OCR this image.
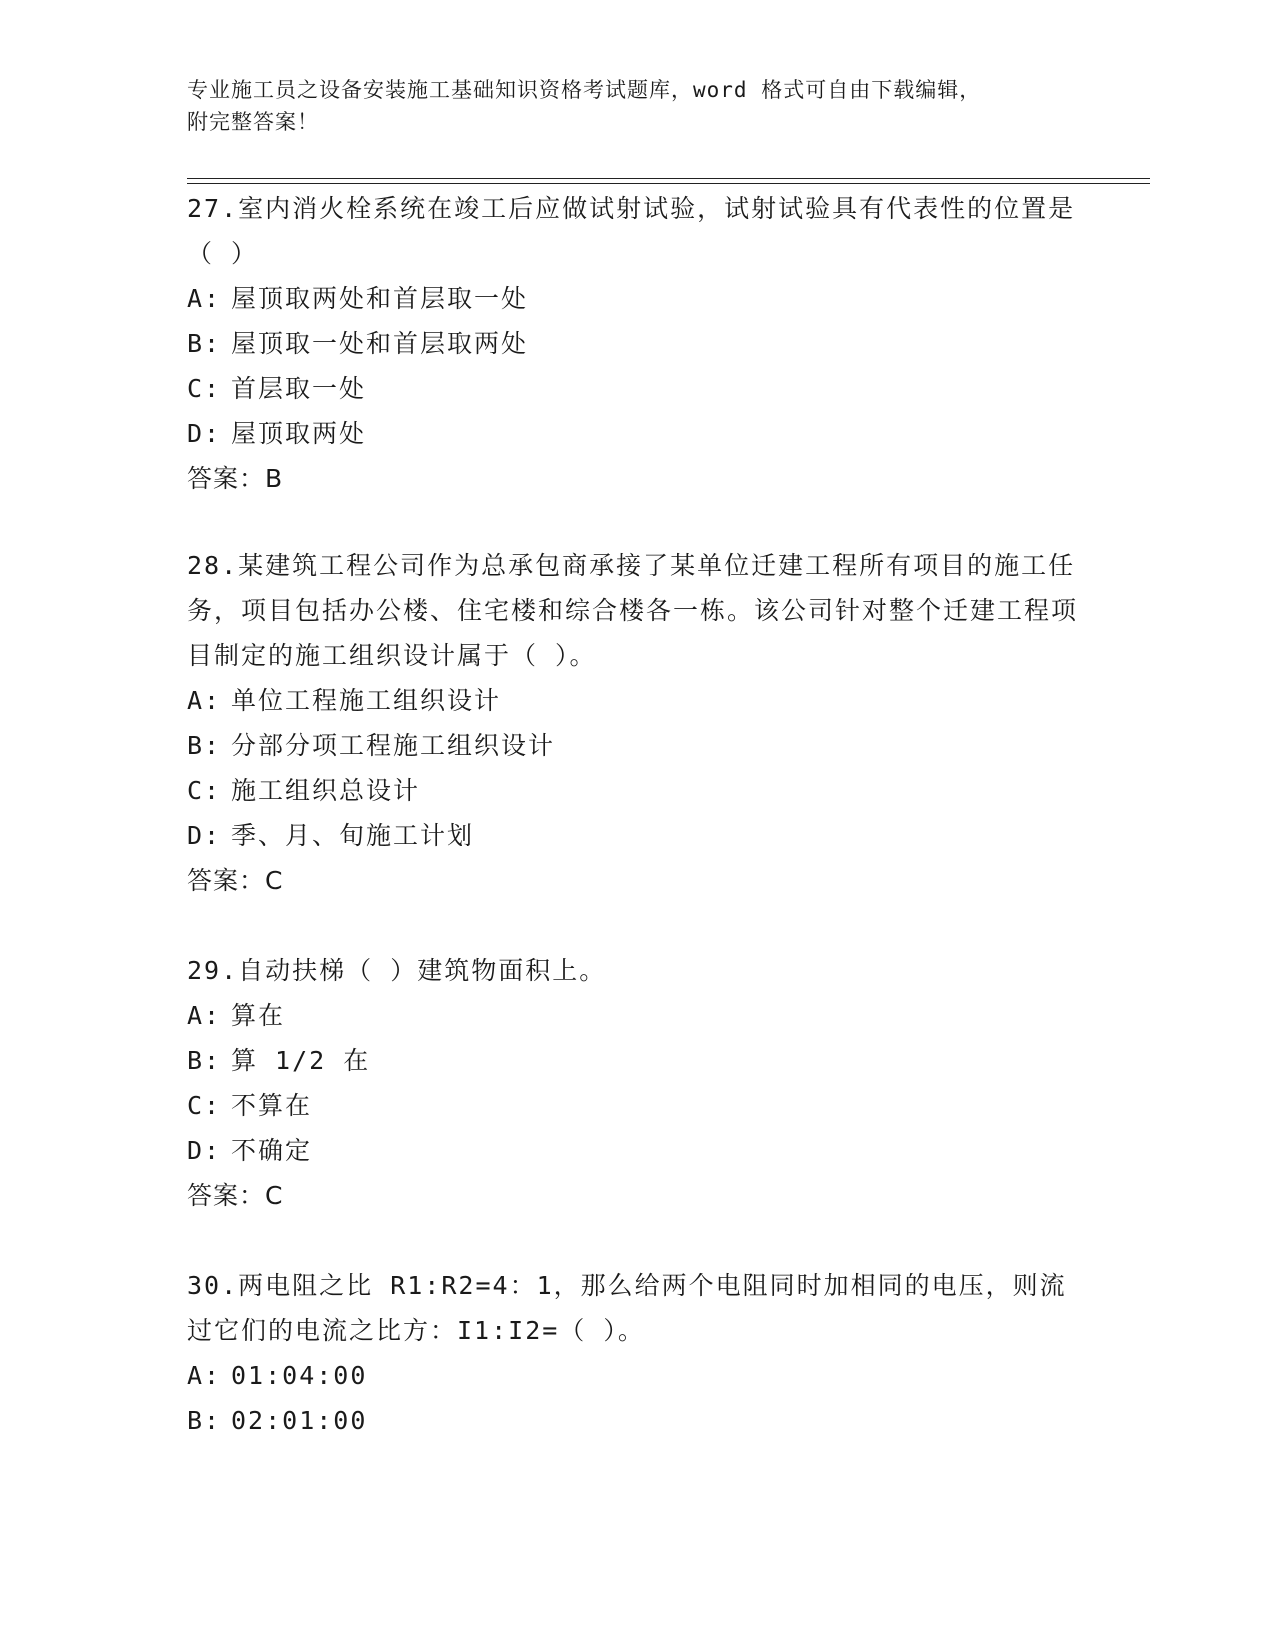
专业施工员之设备安装施工基础知识资格考试题库，word 格式可自由下载编辑，
附完整答案！
27.室内消火栓系统在竣工后应做试射试验，试射试验具有代表性的位置是（ ）
A: 屋顶取两处和首层取一处
B: 屋顶取一处和首层取两处
C: 首层取一处
D: 屋顶取两处
答案：B
28.某建筑工程公司作为总承包商承接了某单位迁建工程所有项目的施工任务，项目包括办公楼、住宅楼和综合楼各一栋。该公司针对整个迁建工程项目制定的施工组织设计属于（ ）。
A: 单位工程施工组织设计
B: 分部分项工程施工组织设计
C: 施工组织总设计
D: 季、月、旬施工计划
答案：C
29.自动扶梯（ ）建筑物面积上。
A: 算在
B: 算 1/2 在
C: 不算在
D: 不确定
答案：C
30.两电阻之比 R1:R2=4：1，那么给两个电阻同时加相同的电压，则流过它们的电流之比方：I1:I2=（ ）。
A: 01:04:00
B: 02:01:00
